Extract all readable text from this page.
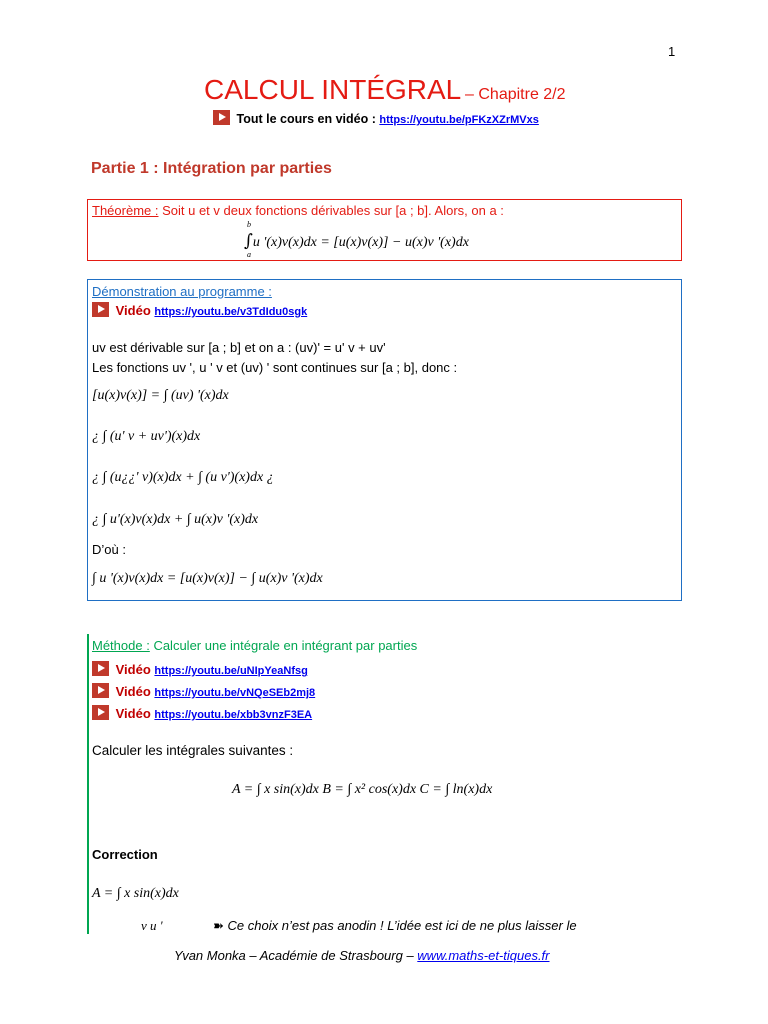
1
CALCUL INTÉGRAL – Chapitre 2/2
Tout le cours en vidéo : https://youtu.be/pFKzXZrMVxs
Partie 1 : Intégration par parties
Théorème : Soit u et v deux fonctions dérivables sur [a ; b]. Alors, on a :
∫u '(x)v(x)dx = [u(x)v(x)] − u(x)v '(x)dx
b
a
Démonstration au programme :
Vidéo https://youtu.be/v3TdIdu0sgk
uv est dérivable sur [a ; b] et on a : (uv)' = u' v + uv'
Les fonctions uv ', u ' v et (uv) ' sont continues sur [a ; b], donc :
[u(x)v(x)] = ∫ (uv) '(x)dx
¿ ∫ (u' v + uv')(x)dx
¿ ∫ (u¿¿' v)(x)dx + ∫ (u v')(x)dx ¿
¿ ∫ u'(x)v(x)dx + ∫ u(x)v '(x)dx
D’où :
∫ u '(x)v(x)dx = [u(x)v(x)] − ∫ u(x)v '(x)dx
Méthode : Calculer une intégrale en intégrant par parties
Vidéo https://youtu.be/uNIpYeaNfsg
Vidéo https://youtu.be/vNQeSEb2mj8
Vidéo https://youtu.be/xbb3vnzF3EA
Calculer les intégrales suivantes :
A = ∫ x sin(x)dx B = ∫ x² cos(x)dx C = ∫ ln(x)dx
Correction
A = ∫ x sin(x)dx
v u '	➽ Ce choix n’est pas anodin ! L’idée est ici de ne plus laisser le
Yvan Monka – Académie de Strasbourg – www.maths-et-tiques.fr
